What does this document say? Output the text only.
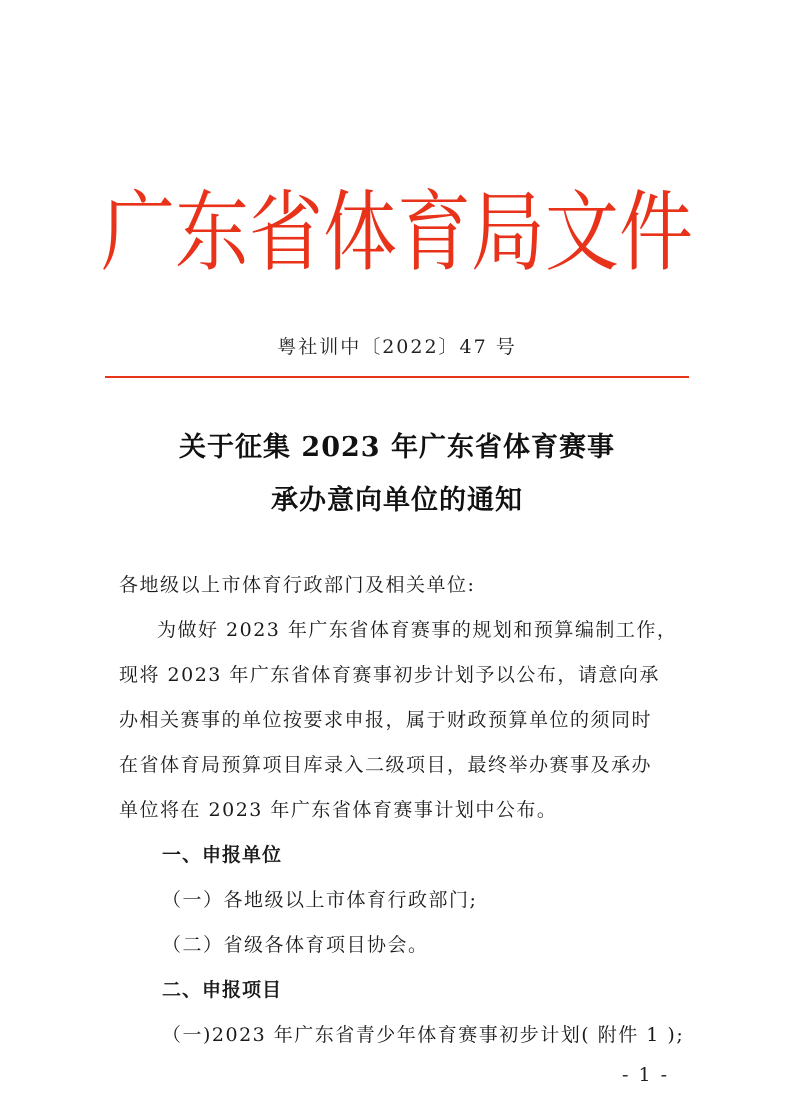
广东省体育局文件
粤社训中〔2022〕47 号
关于征集 2023 年广东省体育赛事
承办意向单位的通知
各地级以上市体育行政部门及相关单位:
为做好 2023 年广东省体育赛事的规划和预算编制工作，
现将 2023 年广东省体育赛事初步计划予以公布，请意向承
办相关赛事的单位按要求申报，属于财政预算单位的须同时
在省体育局预算项目库录入二级项目，最终举办赛事及承办
单位将在 2023 年广东省体育赛事计划中公布。
一、申报单位
（一）各地级以上市体育行政部门;
（二）省级各体育项目协会。
二、申报项目
（一)2023 年广东省青少年体育赛事初步计划( 附件 1 );
- 1 -
